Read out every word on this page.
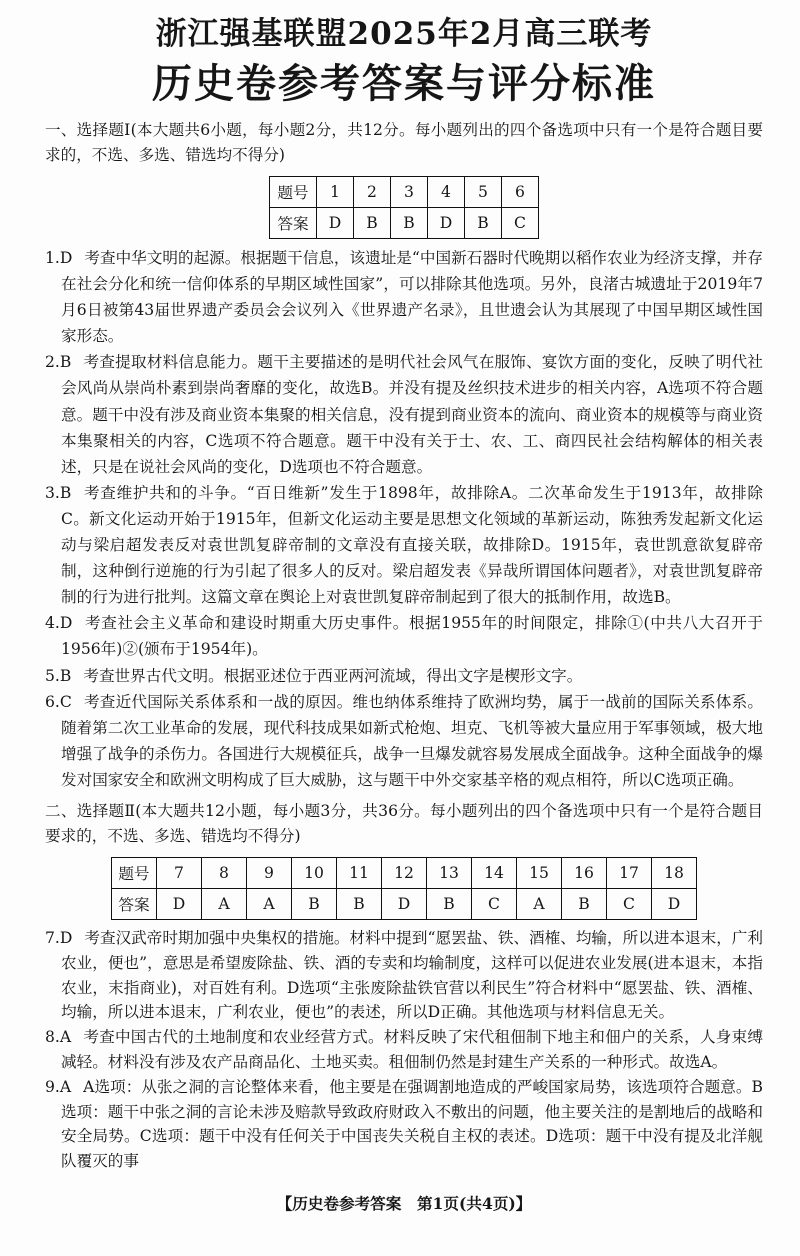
浙江强基联盟2025年2月高三联考
历史卷参考答案与评分标准
一、选择题Ⅰ(本大题共6小题，每小题2分，共12分。每小题列出的四个备选项中只有一个是符合题目要求的，不选、多选、错选均不得分)
题号	1	2	3	4	5	6
答案	D	B	B	D	B	C
1.D 考查中华文明的起源。根据题干信息，该遗址是“中国新石器时代晚期以稻作农业为经济支撑，并存在社会分化和统一信仰体系的早期区域性国家”，可以排除其他选项。另外，良渚古城遗址于2019年7月6日被第43届世界遗产委员会会议列入《世界遗产名录》，且世遗会认为其展现了中国早期区域性国家形态。
2.B 考查提取材料信息能力。题干主要描述的是明代社会风气在服饰、宴饮方面的变化，反映了明代社会风尚从崇尚朴素到崇尚奢靡的变化，故选B。并没有提及丝织技术进步的相关内容，A选项不符合题意。题干中没有涉及商业资本集聚的相关信息，没有提到商业资本的流向、商业资本的规模等与商业资本集聚相关的内容，C选项不符合题意。题干中没有关于士、农、工、商四民社会结构解体的相关表述，只是在说社会风尚的变化，D选项也不符合题意。
3.B 考查维护共和的斗争。“百日维新”发生于1898年，故排除A。二次革命发生于1913年，故排除C。新文化运动开始于1915年，但新文化运动主要是思想文化领域的革新运动，陈独秀发起新文化运动与梁启超发表反对袁世凯复辟帝制的文章没有直接关联，故排除D。1915年，袁世凯意欲复辟帝制，这种倒行逆施的行为引起了很多人的反对。梁启超发表《异哉所谓国体问题者》，对袁世凯复辟帝制的行为进行批判。这篇文章在舆论上对袁世凯复辟帝制起到了很大的抵制作用，故选B。
4.D 考查社会主义革命和建设时期重大历史事件。根据1955年的时间限定，排除①(中共八大召开于1956年)②(颁布于1954年)。
5.B 考查世界古代文明。根据亚述位于西亚两河流域，得出文字是楔形文字。
6.C 考查近代国际关系体系和一战的原因。维也纳体系维持了欧洲均势，属于一战前的国际关系体系。随着第二次工业革命的发展，现代科技成果如新式枪炮、坦克、飞机等被大量应用于军事领域，极大地增强了战争的杀伤力。各国进行大规模征兵，战争一旦爆发就容易发展成全面战争。这种全面战争的爆发对国家安全和欧洲文明构成了巨大威胁，这与题干中外交家基辛格的观点相符，所以C选项正确。
二、选择题Ⅱ(本大题共12小题，每小题3分，共36分。每小题列出的四个备选项中只有一个是符合题目要求的，不选、多选、错选均不得分)
题号	7	8	9	10	11	12	13	14	15	16	17	18
答案	D	A	A	B	B	D	B	C	A	B	C	D
7.D 考查汉武帝时期加强中央集权的措施。材料中提到“愿罢盐、铁、酒榷、均输，所以进本退末，广利农业，便也”，意思是希望废除盐、铁、酒的专卖和均输制度，这样可以促进农业发展(进本退末，本指农业，末指商业)，对百姓有利。D选项“主张废除盐铁官营以利民生”符合材料中“愿罢盐、铁、酒榷、均输，所以进本退末，广利农业，便也”的表述，所以D正确。其他选项与材料信息无关。
8.A 考查中国古代的土地制度和农业经营方式。材料反映了宋代租佃制下地主和佃户的关系，人身束缚减轻。材料没有涉及农产品商品化、土地买卖。租佃制仍然是封建生产关系的一种形式。故选A。
9.A A选项：从张之洞的言论整体来看，他主要是在强调割地造成的严峻国家局势，该选项符合题意。B选项：题干中张之洞的言论未涉及赔款导致政府财政入不敷出的问题，他主要关注的是割地后的战略和安全局势。C选项：题干中没有任何关于中国丧失关税自主权的表述。D选项：题干中没有提及北洋舰队覆灭的事
【历史卷参考答案　第1页(共4页)】
